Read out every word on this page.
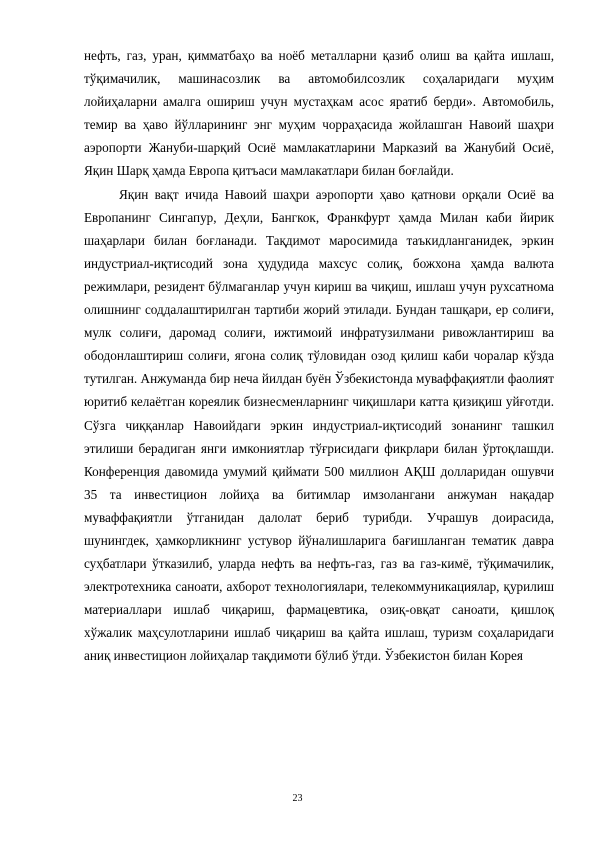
нефть, газ, уран, қимматбаҳо ва ноёб металларни қазиб олиш ва қайта ишлаш, тўқимачилик, машинасозлик ва автомобилсозлик соҳаларидаги муҳим лойиҳаларни амалга ошириш учун мустаҳкам асос яратиб берди». Автомобиль, темир ва ҳаво йўлларининг энг муҳим чорраҳасида жойлашган Навоий шаҳри аэропорти Жануби-шарқий Осиё мамлакатларини Марказий ва Жанубий Осиё, Яқин Шарқ ҳамда Европа қитъаси мамлакатлари билан боғлайди.

Яқин вақт ичида Навоий шаҳри аэропорти ҳаво қатнови орқали Осиё ва Европанинг Сингапур, Деҳли, Бангкок, Франкфурт ҳамда Милан каби йирик шаҳарлари билан боғланади. Тақдимот маросимида таъкидланганидек, эркин индустриал-иқтисодий зона ҳудудида махсус солиқ, божхона ҳамда валюта режимлари, резидент бўлмаганлар учун кириш ва чиқиш, ишлаш учун рухсатнома олишнинг соддалаштирилган тартиби жорий этилади. Бундан ташқари, ер солиғи, мулк солиғи, даромад солиғи, ижтимоий инфратузилмани ривожлантириш ва ободонлаштириш солиғи, ягона солиқ тўловидан озод қилиш каби чоралар кўзда тутилган. Анжуманда бир неча йилдан буён Ўзбекистонда муваффақиятли фаолият юритиб келаётган кореялик бизнесменларнинг чиқишлари катта қизиқиш уйғотди. Сўзга чиққанлар Навоийдаги эркин индустриал-иқтисодий зонанинг ташкил этилиши берадиган янги имкониятлар тўғрисидаги фикрлари билан ўртоқлашди. Конференция давомида умумий қиймати 500 миллион АҚШ долларидан ошувчи 35 та инвестицион лойиҳа ва битимлар имзолангани анжуман нақадар муваффақиятли ўтганидан далолат бериб турибди. Учрашув доирасида, шунингдек, ҳамкорликнинг устувор йўналишларига бағишланган тематик давра суҳбатлари ўтказилиб, уларда нефть ва нефть-газ, газ ва газ-кимё, тўқимачилик, электротехника саноати, ахборот технологиялари, телекоммуникациялар, қурилиш материаллари ишлаб чиқариш, фармацевтика, озиқ-овқат саноати, қишлоқ хўжалик маҳсулотларини ишлаб чиқариш ва қайта ишлаш, туризм соҳаларидаги аниқ инвестицион лойиҳалар тақдимоти бўлиб ўтди. Ўзбекистон билан Корея

23
